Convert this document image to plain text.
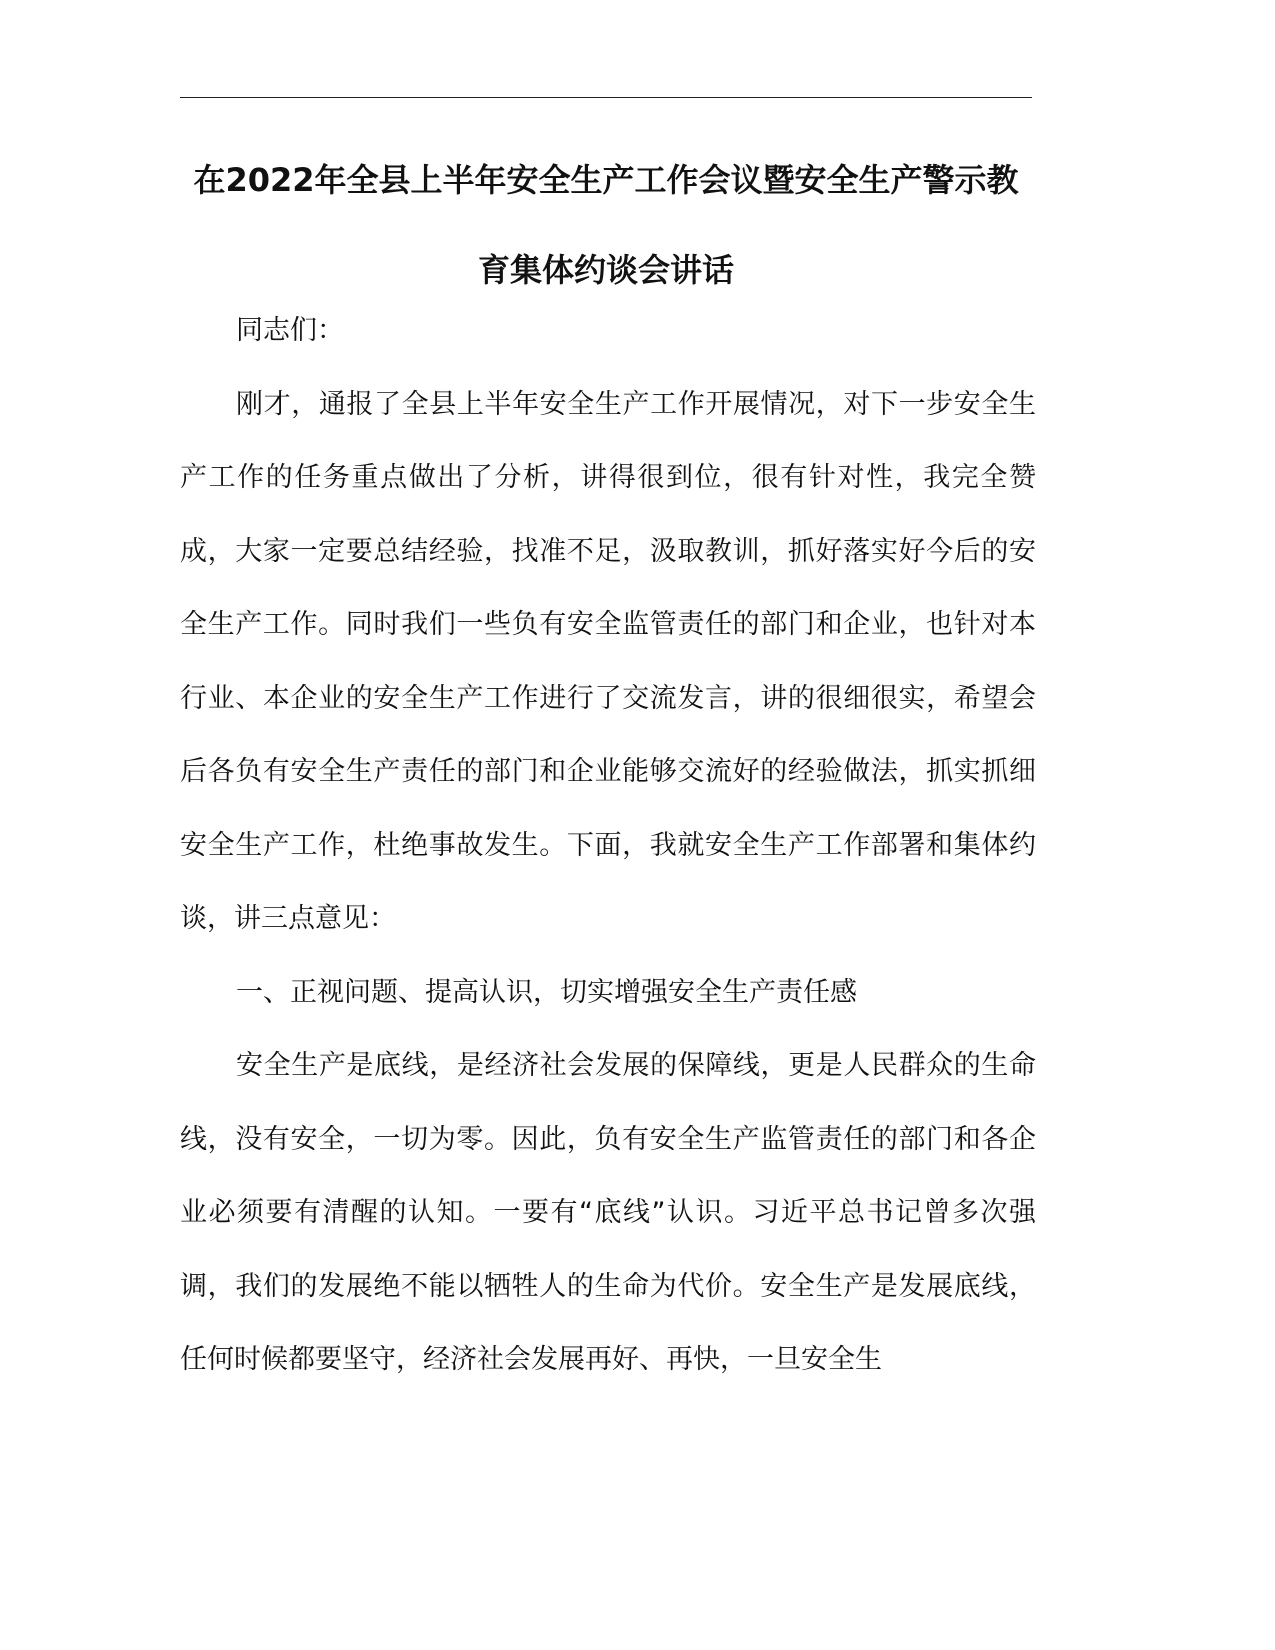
在2022年全县上半年安全生产工作会议暨安全生产警示教育集体约谈会讲话

同志们：

刚才，通报了全县上半年安全生产工作开展情况，对下一步安全生产工作的任务重点做出了分析，讲得很到位，很有针对性，我完全赞成，大家一定要总结经验，找准不足，汲取教训，抓好落实好今后的安全生产工作。同时我们一些负有安全监管责任的部门和企业，也针对本行业、本企业的安全生产工作进行了交流发言，讲的很细很实，希望会后各负有安全生产责任的部门和企业能够交流好的经验做法，抓实抓细安全生产工作，杜绝事故发生。下面，我就安全生产工作部署和集体约谈，讲三点意见：

一、正视问题、提高认识，切实增强安全生产责任感

安全生产是底线，是经济社会发展的保障线，更是人民群众的生命线，没有安全，一切为零。因此，负有安全生产监管责任的部门和各企业必须要有清醒的认知。一要有“底线”认识。习近平总书记曾多次强调，我们的发展绝不能以牺牲人的生命为代价。安全生产是发展底线，任何时候都要坚守，经济社会发展再好、再快，一旦安全生
